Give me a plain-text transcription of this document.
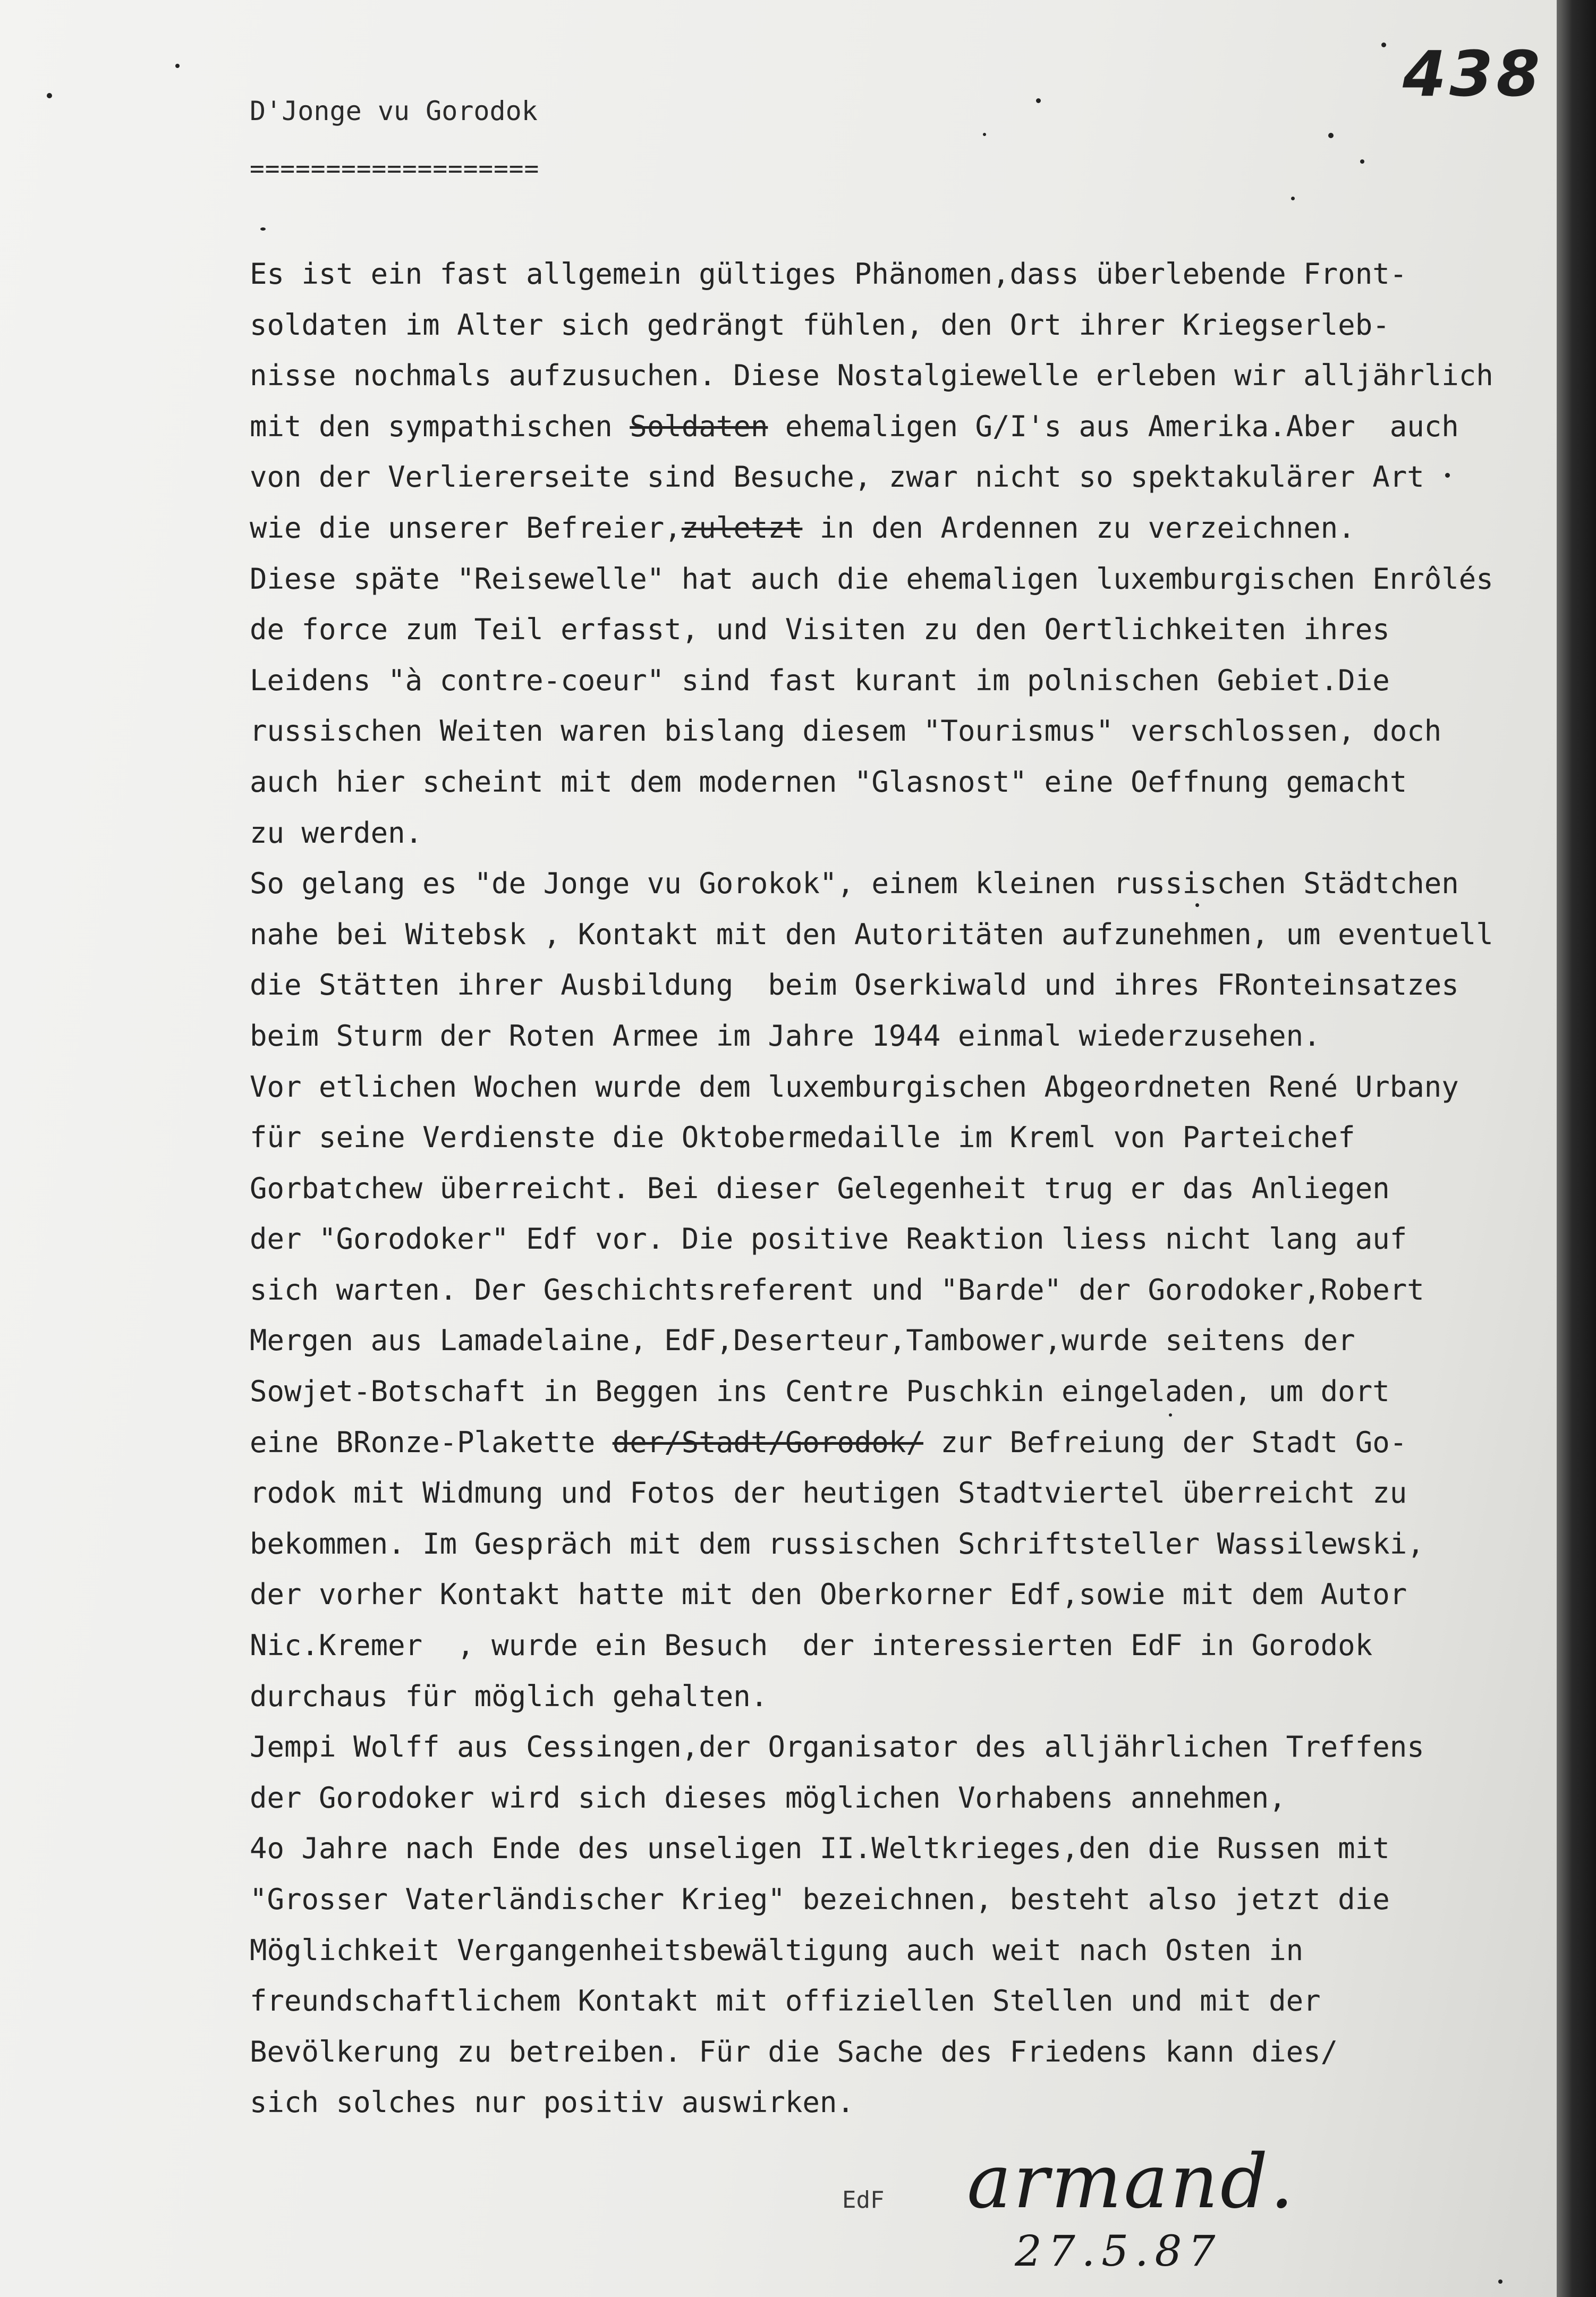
438
D'Jonge vu Gorodok
===================
Es ist ein fast allgemein gültiges Phänomen,dass überlebende Front-
soldaten im Alter sich gedrängt fühlen, den Ort ihrer Kriegserleb-
nisse nochmals aufzusuchen. Diese Nostalgiewelle erleben wir alljährlich
mit den sympathischen Soldaten ehemaligen G/I's aus Amerika.Aber  auch
von der Verliererseite sind Besuche, zwar nicht so spektakulärer Art
wie die unserer Befreier,zuletzt in den Ardennen zu verzeichnen.
Diese späte "Reisewelle" hat auch die ehemaligen luxemburgischen Enrôlés
de force zum Teil erfasst, und Visiten zu den Oertlichkeiten ihres
Leidens "à contre-coeur" sind fast kurant im polnischen Gebiet.Die
russischen Weiten waren bislang diesem "Tourismus" verschlossen, doch
auch hier scheint mit dem modernen "Glasnost" eine Oeffnung gemacht
zu werden.
So gelang es "de Jonge vu Gorokok", einem kleinen russischen Städtchen
nahe bei Witebsk , Kontakt mit den Autoritäten aufzunehmen, um eventuell
die Stätten ihrer Ausbildung  beim Oserkiwald und ihres FRonteinsatzes
beim Sturm der Roten Armee im Jahre 1944 einmal wiederzusehen.
Vor etlichen Wochen wurde dem luxemburgischen Abgeordneten René Urbany
für seine Verdienste die Oktobermedaille im Kreml von Parteichef
Gorbatchew überreicht. Bei dieser Gelegenheit trug er das Anliegen
der "Gorodoker" Edf vor. Die positive Reaktion liess nicht lang auf
sich warten. Der Geschichtsreferent und "Barde" der Gorodoker,Robert
Mergen aus Lamadelaine, EdF,Deserteur,Tambower,wurde seitens der
Sowjet-Botschaft in Beggen ins Centre Puschkin eingeladen, um dort
eine BRonze-Plakette der/Stadt/Gorodok/ zur Befreiung der Stadt Go-
rodok mit Widmung und Fotos der heutigen Stadtviertel überreicht zu
bekommen. Im Gespräch mit dem russischen Schriftsteller Wassilewski,
der vorher Kontakt hatte mit den Oberkorner Edf,sowie mit dem Autor
Nic.Kremer  , wurde ein Besuch  der interessierten EdF in Gorodok
durchaus für möglich gehalten.
Jempi Wolff aus Cessingen,der Organisator des alljährlichen Treffens
der Gorodoker wird sich dieses möglichen Vorhabens annehmen,
4o Jahre nach Ende des unseligen II.Weltkrieges,den die Russen mit
"Grosser Vaterländischer Krieg" bezeichnen, besteht also jetzt die
Möglichkeit Vergangenheitsbewältigung auch weit nach Osten in
freundschaftlichem Kontakt mit offiziellen Stellen und mit der
Bevölkerung zu betreiben. Für die Sache des Friedens kann dies/
sich solches nur positiv auswirken.
EdF armand.
27.5.87
